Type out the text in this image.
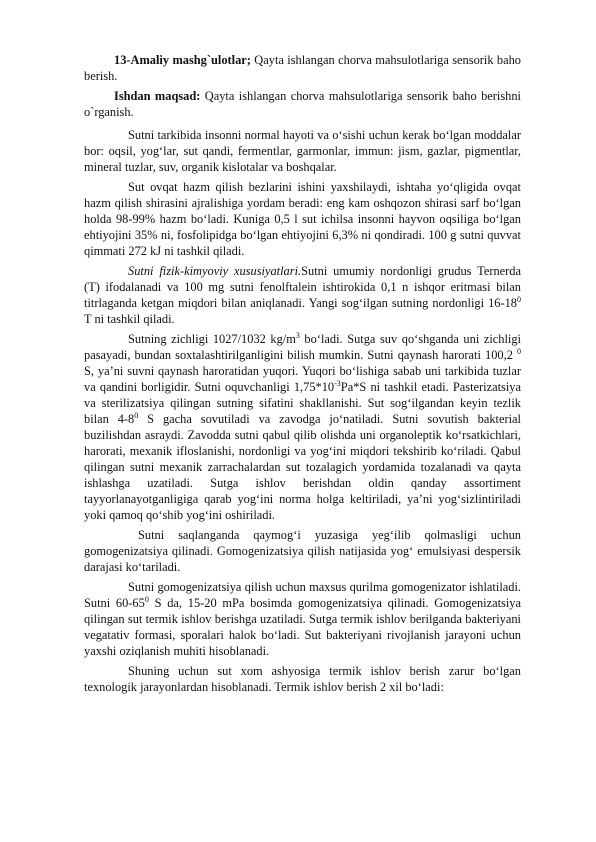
13-Amaliy mashg`ulotlar; Qayta ishlangan chorva mahsulotlariga sensorik baho berish.

Ishdan maqsad: Qayta ishlangan chorva mahsulotlariga sensorik baho berishni o`rganish.

Sutni tarkibida insonni normal hayoti va o‘sishi uchun kerak bo‘lgan moddalar bor: oqsil, yog‘lar, sut qandi, fermentlar, garmonlar, immun: jism, gazlar, pigmentlar, mineral tuzlar, suv, organik kislotalar va boshqalar.

Sut ovqat hazm qilish bezlarini ishini yaxshilaydi, ishtaha yo‘qligida ovqat hazm qilish shirasini ajralishiga yordam beradi: eng kam oshqozon shirasi sarf bo‘lgan holda 98-99% hazm bo‘ladi. Kuniga 0,5 l sut ichilsa insonni hayvon oqsiliga bo‘lgan ehtiyojini 35% ni, fosfolipidga bo‘lgan ehtiyojini 6,3% ni qondiradi. 100 g sutni quvvat qimmati 272 kJ ni tashkil qiladi.

Sutni fizik-kimyoviy xususiyatlari.Sutni umumiy nordonligi grudus Ternerda (T) ifodalanadi va 100 mg sutni fenolftalein ishtirokida 0,1 n ishqor eritmasi bilan titrlaganda ketgan miqdori bilan aniqlanadi. Yangi sog‘ilgan sutning nordonligi $16-18^0$ T ni tashkil qiladi.

Sutning zichligi 1027/1032 $kg/m^3$ bo‘ladi. Sutga suv qo‘shganda uni zichligi pasayadi, bundan soxtalashtirilganligini bilish mumkin. Sutni qaynash harorati 100,2 $^0$ S, ya’ni suvni qaynash haroratidan yuqori. Yuqori bo‘lishiga sabab uni tarkibida tuzlar va qandini borligidir. Sutni oquvchanligi $1,75*10^{-3}Pa*S$ ni tashkil etadi. Pasterizatsiya va sterilizatsiya qilingan sutning sifatini shakllanishi. Sut sog‘ilgandan keyin tezlik bilan $4-8^0$ S gacha sovutiladi va zavodga jo‘natiladi. Sutni sovutish bakterial buzilishdan asraydi. Zavodda sutni qabul qilib olishda uni organoleptik ko‘rsatkichlari, harorati, mexanik ifloslanishi, nordonligi va yog‘ini miqdori tekshirib ko‘riladi. Qabul qilingan sutni mexanik zarrachalardan sut tozalagich yordamida tozalanadi va qayta ishlashga uzatiladi. Sutga ishlov berishdan oldin qanday assortiment tayyorlanayotganligiga qarab yog‘ini norma holga keltiriladi, ya’ni yog‘sizlintiriladi yoki qamoq qo‘shib yog‘ini oshiriladi.

Sutni saqlanganda qaymog‘i yuzasiga yeg‘ilib qolmasligi uchun gomogenizatsiya qilinadi. Gomogenizatsiya qilish natijasida yog‘ emulsiyasi despersik darajasi ko‘tariladi.

Sutni gomogenizatsiya qilish uchun maxsus qurilma gomogenizator ishlatiladi. Sutni $60-65^0$ S da, 15-20 mPa bosimda gomogenizatsiya qilinadi. Gomogenizatsiya qilingan sut termik ishlov berishga uzatiladi. Sutga termik ishlov berilganda bakteriyani vegatativ formasi, sporalari halok bo‘ladi. Sut bakteriyani rivojlanish jarayoni uchun yaxshi oziqlanish muhiti hisoblanadi.

Shuning uchun sut xom ashyosiga termik ishlov berish zarur bo‘lgan texnologik jarayonlardan hisoblanadi. Termik ishlov berish 2 xil bo‘ladi:
